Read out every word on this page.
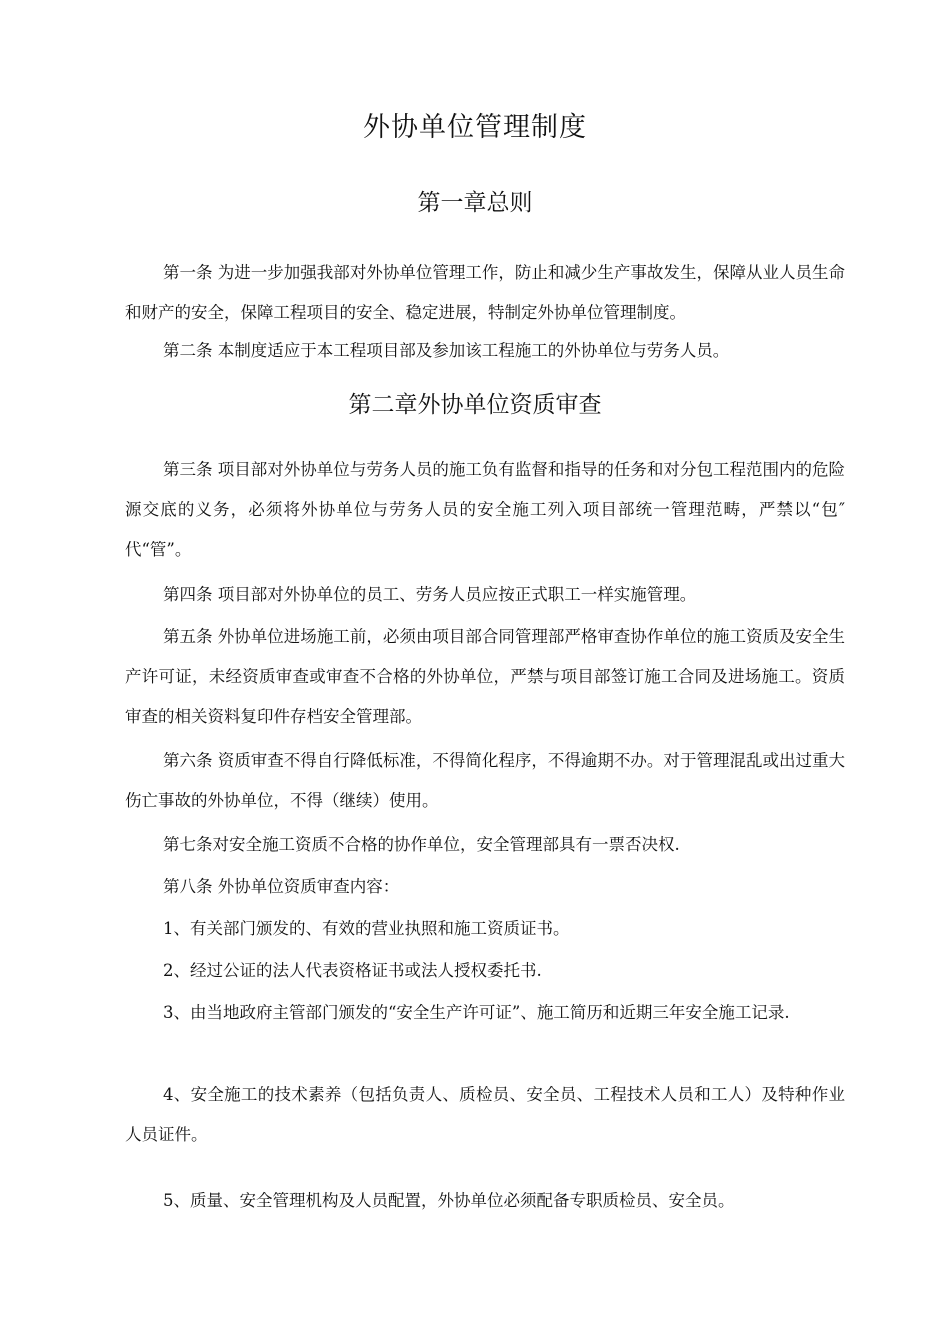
外协单位管理制度
第一章总则

第一条 为进一步加强我部对外协单位管理工作，防止和减少生产事故发生，保障从业人员生命和财产的安全，保障工程项目的安全、稳定进展，特制定外协单位管理制度。

第二条 本制度适应于本工程项目部及参加该工程施工的外协单位与劳务人员。

第二章外协单位资质审查

第三条 项目部对外协单位与劳务人员的施工负有监督和指导的任务和对分包工程范围内的危险源交底的义务，必须将外协单位与劳务人员的安全施工列入项目部统一管理范畴，严禁以“包″代“管”。

第四条 项目部对外协单位的员工、劳务人员应按正式职工一样实施管理。

第五条 外协单位进场施工前，必须由项目部合同管理部严格审查协作单位的施工资质及安全生产许可证，未经资质审查或审查不合格的外协单位，严禁与项目部签订施工合同及进场施工。资质审查的相关资料复印件存档安全管理部。

第六条 资质审查不得自行降低标准，不得简化程序，不得逾期不办。对于管理混乱或出过重大伤亡事故的外协单位，不得（继续）使用。

第七条对安全施工资质不合格的协作单位，安全管理部具有一票否决权.

第八条 外协单位资质审查内容：

1、有关部门颁发的、有效的营业执照和施工资质证书。

2、经过公证的法人代表资格证书或法人授权委托书.

3、由当地政府主管部门颁发的“安全生产许可证”、施工简历和近期三年安全施工记录.

4、安全施工的技术素养（包括负责人、质检员、安全员、工程技术人员和工人）及特种作业人员证件。

5、质量、安全管理机构及人员配置，外协单位必须配备专职质检员、安全员。
